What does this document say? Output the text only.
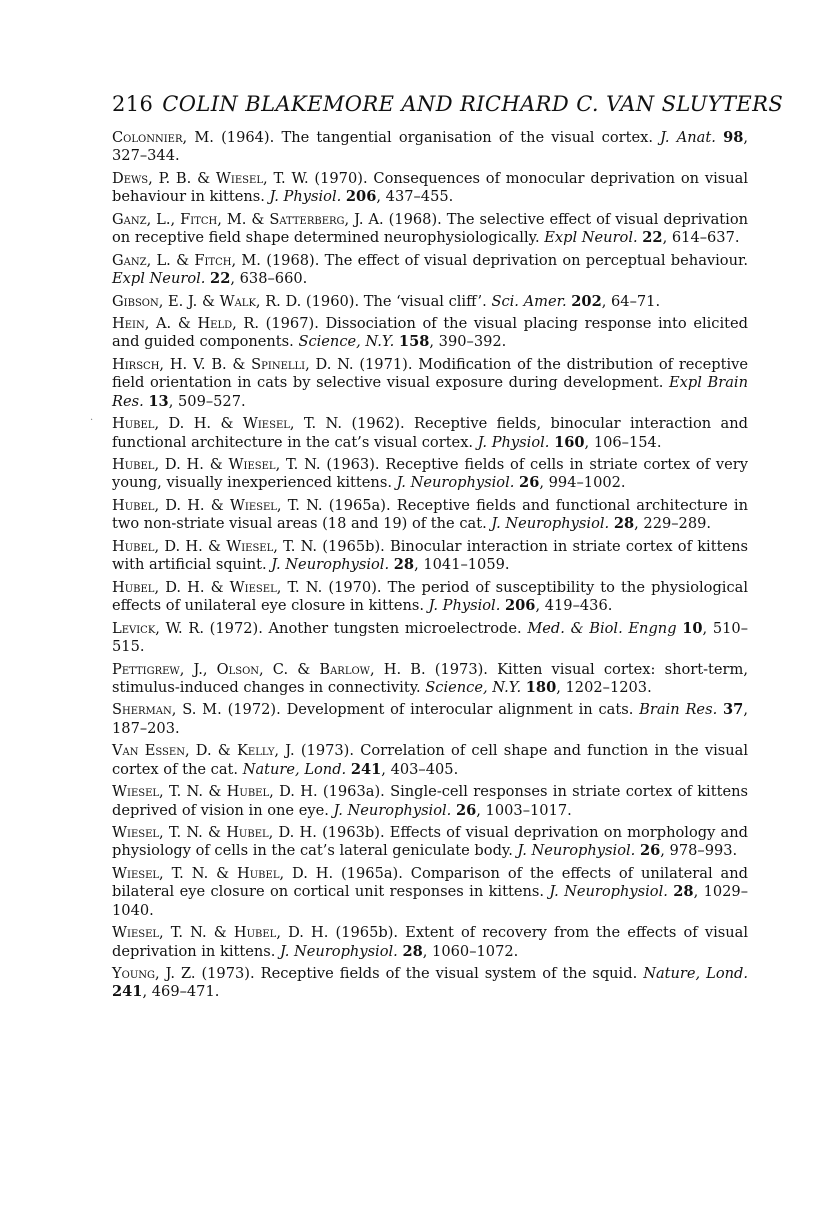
216 COLIN BLAKEMORE AND RICHARD C. VAN SLUYTERS
·

Colonnier, M. (1964). The tangential organisation of the visual cortex. J. Anat. 98, 327–344.

Dews, P. B. & Wiesel, T. W. (1970). Consequences of monocular deprivation on visual behaviour in kittens. J. Physiol. 206, 437–455.

Ganz, L., Fitch, M. & Satterberg, J. A. (1968). The selective effect of visual deprivation on receptive field shape determined neurophysiologically. Expl Neurol. 22, 614–637.

Ganz, L. & Fitch, M. (1968). The effect of visual deprivation on perceptual behaviour. Expl Neurol. 22, 638–660.

Gibson, E. J. & Walk, R. D. (1960). The ‘visual cliff’. Sci. Amer. 202, 64–71.

Hein, A. & Held, R. (1967). Dissociation of the visual placing response into elicited and guided components. Science, N.Y. 158, 390–392.

Hirsch, H. V. B. & Spinelli, D. N. (1971). Modification of the distribution of receptive field orientation in cats by selective visual exposure during development. Expl Brain Res. 13, 509–527.

Hubel, D. H. & Wiesel, T. N. (1962). Receptive fields, binocular interaction and functional architecture in the cat’s visual cortex. J. Physiol. 160, 106–154.

Hubel, D. H. & Wiesel, T. N. (1963). Receptive fields of cells in striate cortex of very young, visually inexperienced kittens. J. Neurophysiol. 26, 994–1002.

Hubel, D. H. & Wiesel, T. N. (1965a). Receptive fields and functional architecture in two non-striate visual areas (18 and 19) of the cat. J. Neurophysiol. 28, 229–289.

Hubel, D. H. & Wiesel, T. N. (1965b). Binocular interaction in striate cortex of kittens with artificial squint. J. Neurophysiol. 28, 1041–1059.

Hubel, D. H. & Wiesel, T. N. (1970). The period of susceptibility to the physiological effects of unilateral eye closure in kittens. J. Physiol. 206, 419–436.

Levick, W. R. (1972). Another tungsten microelectrode. Med. & Biol. Engng 10, 510–515.

Pettigrew, J., Olson, C. & Barlow, H. B. (1973). Kitten visual cortex: short-term, stimulus-induced changes in connectivity. Science, N.Y. 180, 1202–1203.

Sherman, S. M. (1972). Development of interocular alignment in cats. Brain Res. 37, 187–203.

Van Essen, D. & Kelly, J. (1973). Correlation of cell shape and function in the visual cortex of the cat. Nature, Lond. 241, 403–405.

Wiesel, T. N. & Hubel, D. H. (1963a). Single-cell responses in striate cortex of kittens deprived of vision in one eye. J. Neurophysiol. 26, 1003–1017.

Wiesel, T. N. & Hubel, D. H. (1963b). Effects of visual deprivation on morphology and physiology of cells in the cat’s lateral geniculate body. J. Neurophysiol. 26, 978–993.

Wiesel, T. N. & Hubel, D. H. (1965a). Comparison of the effects of unilateral and bilateral eye closure on cortical unit responses in kittens. J. Neurophysiol. 28, 1029–1040.

Wiesel, T. N. & Hubel, D. H. (1965b). Extent of recovery from the effects of visual deprivation in kittens. J. Neurophysiol. 28, 1060–1072.

Young, J. Z. (1973). Receptive fields of the visual system of the squid. Nature, Lond. 241, 469–471.
